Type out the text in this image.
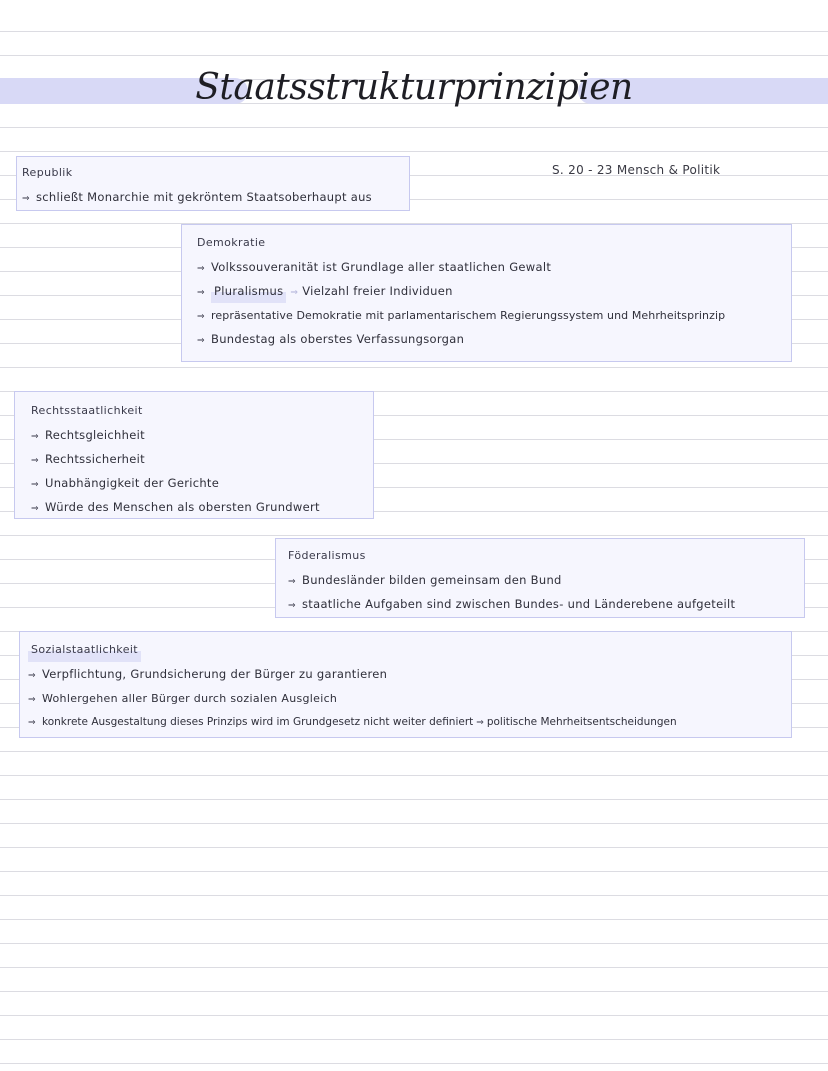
Staatsstrukturprinzipien
S. 20 - 23 Mensch & Politik
Republik
⇒ schließt Monarchie mit gekröntem Staatsoberhaupt aus
Demokratie
⇒ Volkssouveranität ist Grundlage aller staatlichen Gewalt
⇒ Pluralismus ⇒ Vielzahl freier Individuen
⇒ repräsentative Demokratie mit parlamentarischem Regierungssystem und Mehrheitsprinzip
⇒ Bundestag als oberstes Verfassungsorgan
Rechtsstaatlichkeit
⇒ Rechtsgleichheit
⇒ Rechtssicherheit
⇒ Unabhängigkeit der Gerichte
⇒ Würde des Menschen als obersten Grundwert
Föderalismus
⇒ Bundesländer bilden gemeinsam den Bund
⇒ staatliche Aufgaben sind zwischen Bundes- und Länderebene aufgeteilt
Sozialstaatlichkeit
⇒ Verpflichtung, Grundsicherung der Bürger zu garantieren
⇒ Wohlergehen aller Bürger durch sozialen Ausgleich
⇒ konkrete Ausgestaltung dieses Prinzips wird im Grundgesetz nicht weiter definiert ⇒ politische Mehrheitsentscheidungen
